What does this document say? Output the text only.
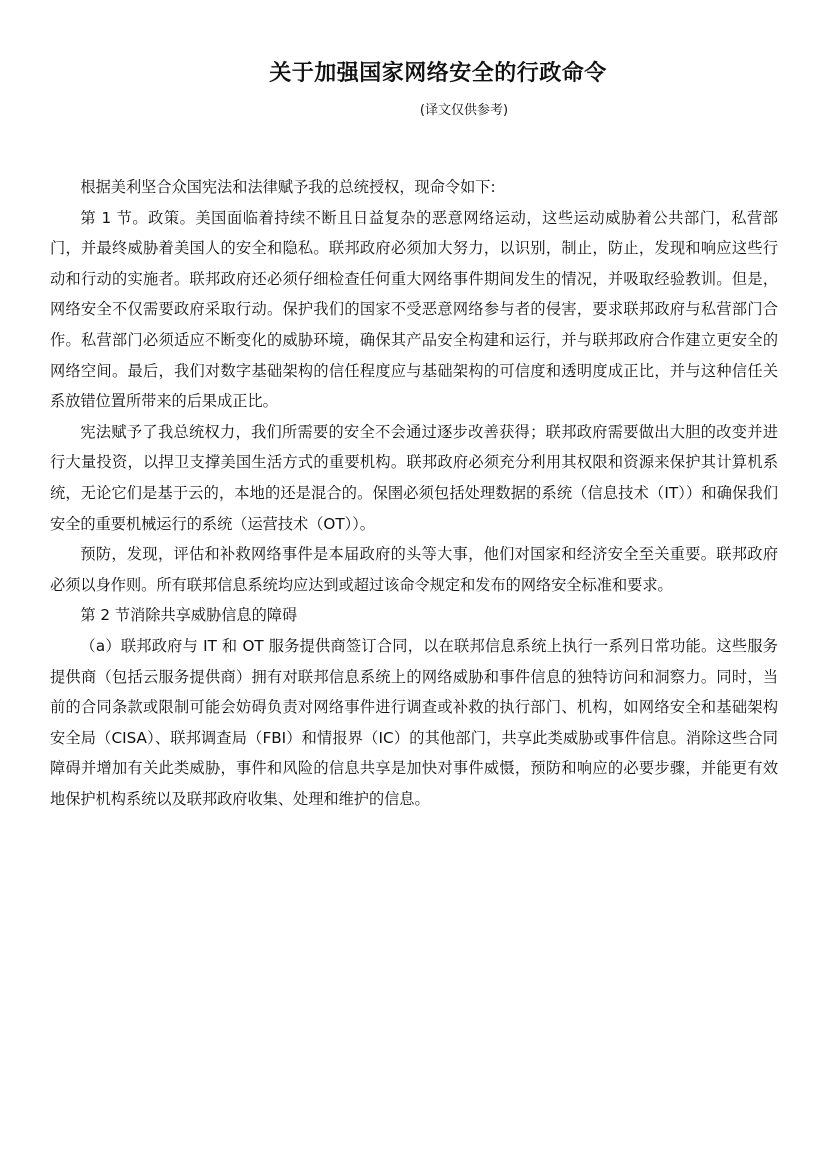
关于加强国家网络安全的行政命令
(译文仅供参考)

根据美利坚合众国宪法和法律赋予我的总统授权，现命令如下:

第 1 节。政策。美国面临着持续不断且日益复杂的恶意网络运动，这些运动威胁着公共部门，私营部门，并最终威胁着美国人的安全和隐私。联邦政府必须加大努力，以识别，制止，防止，发现和响应这些行动和行动的实施者。联邦政府还必须仔细检查任何重大网络事件期间发生的情况，并吸取经验教训。但是，网络安全不仅需要政府采取行动。保护我们的国家不受恶意网络参与者的侵害，要求联邦政府与私营部门合作。私营部门必须适应不断变化的威胁环境，确保其产品安全构建和运行，并与联邦政府合作建立更安全的网络空间。最后，我们对数字基础架构的信任程度应与基础架构的可信度和透明度成正比，并与这种信任关系放错位置所带来的后果成正比。

宪法赋予了我总统权力，我们所需要的安全不会通过逐步改善获得；联邦政府需要做出大胆的改变并进行大量投资，以捍卫支撑美国生活方式的重要机构。联邦政府必须充分利用其权限和资源来保护其计算机系统，无论它们是基于云的，本地的还是混合的。保圉必须包括处理数据的系统（信息技术（IT））和确保我们安全的重要机械运行的系统（运营技术（OT））。

预防，发现，评估和补救网络事件是本届政府的头等大事，他们对国家和经济安全至关重要。联邦政府必须以身作则。所有联邦信息系统均应达到或超过该命令规定和发布的网络安全标准和要求。

第 2 节消除共享威胁信息的障碍

（a）联邦政府与 IT 和 OT 服务提供商签订合同，以在联邦信息系统上执行一系列日常功能。这些服务提供商（包括云服务提供商）拥有对联邦信息系统上的网络威胁和事件信息的独特访问和洞察力。同时，当前的合同条款或限制可能会妨碍负责对网络事件进行调查或补救的执行部门、机构，如网络安全和基础架构安全局（CISA）、联邦调查局（FBI）和情报界（IC）的其他部门，共享此类威胁或事件信息。消除这些合同障碍并增加有关此类威胁，事件和风险的信息共享是加快对事件威慑，预防和响应的必要步骤，并能更有效地保护机构系统以及联邦政府收集、处理和维护的信息。
